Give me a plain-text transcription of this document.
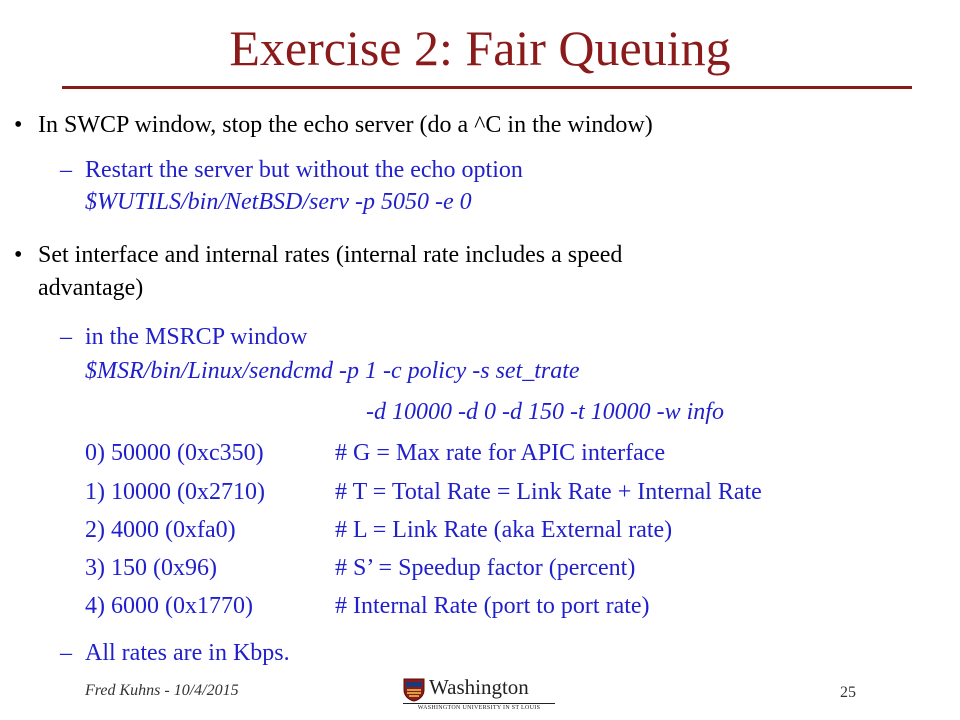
Exercise 2: Fair Queuing
• In SWCP window, stop the echo server (do a ^C in the window)
– Restart the server but without the echo option
$WUTILS/bin/NetBSD/serv -p 5050 -e 0
• Set interface and internal rates (internal rate includes a speed
advantage)
– in the MSRCP window
$MSR/bin/Linux/sendcmd -p 1 -c policy -s set_trate
-d 10000 -d 0 -d 150 -t 10000 -w info
0) 50000 (0xc350)	# G = Max rate for APIC interface
1) 10000 (0x2710)	# T = Total Rate = Link Rate + Internal Rate
2) 4000 (0xfa0)	# L = Link Rate (aka External rate)
3) 150 (0x96)	# S’ = Speedup factor (percent)
4) 6000 (0x1770)	# Internal Rate (port to port rate)
– All rates are in Kbps.
Fred Kuhns - 10/4/2015	Washington
WASHINGTON UNIVERSITY IN ST LOUIS
25
